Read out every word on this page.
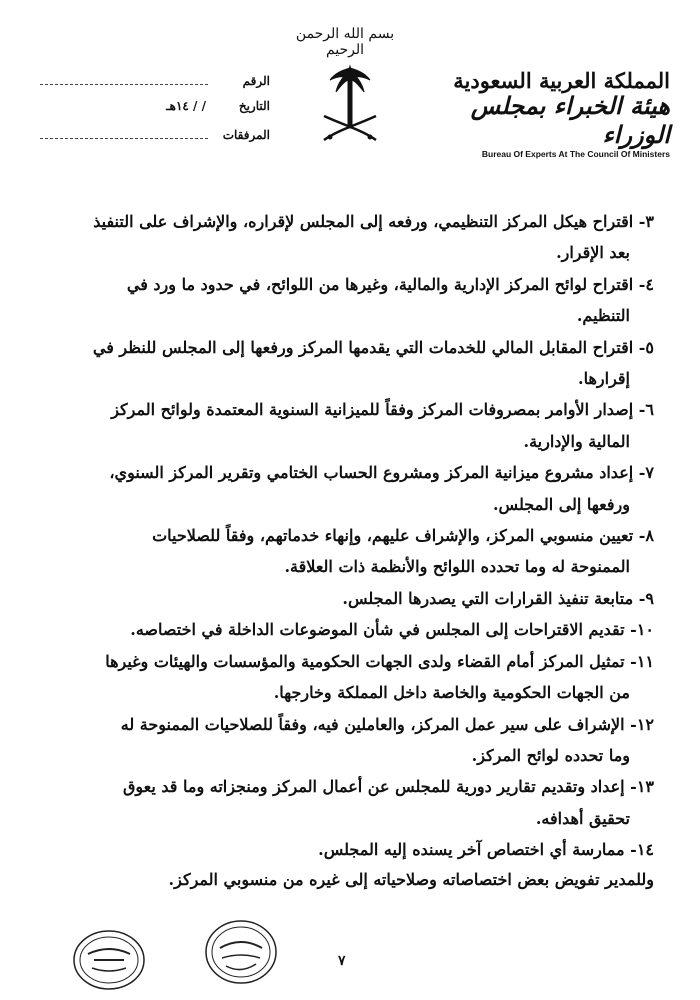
بسم الله الرحمن الرحيم
المملكة العربية السعودية
هيئة الخبراء بمجلس الوزراء
Bureau Of Experts At The Council Of Ministers
الرقم
التاريخ
/ / ١٤هـ
المرفقات
٣- اقتراح هيكل المركز التنظيمي، ورفعه إلى المجلس لإقراره، والإشراف على التنفيذ
بعد الإقرار.
٤- اقتراح لوائح المركز الإدارية والمالية، وغيرها من اللوائح، في حدود ما ورد في
التنظيم.
٥- اقتراح المقابل المالي للخدمات التي يقدمها المركز ورفعها إلى المجلس للنظر في
إقرارها.
٦- إصدار الأوامر بمصروفات المركز وفقاً للميزانية السنوية المعتمدة ولوائح المركز
المالية والإدارية.
٧- إعداد مشروع ميزانية المركز ومشروع الحساب الختامي وتقرير المركز السنوي،
ورفعها إلى المجلس.
٨- تعيين منسوبي المركز، والإشراف عليهم، وإنهاء خدماتهم، وفقاً للصلاحيات
الممنوحة له وما تحدده اللوائح والأنظمة ذات العلاقة.
٩- متابعة تنفيذ القرارات التي يصدرها المجلس.
١٠- تقديم الاقتراحات إلى المجلس في شأن الموضوعات الداخلة في اختصاصه.
١١- تمثيل المركز أمام القضاء ولدى الجهات الحكومية والمؤسسات والهيئات وغيرها
من الجهات الحكومية والخاصة داخل المملكة وخارجها.
١٢- الإشراف على سير عمل المركز، والعاملين فيه، وفقاً للصلاحيات الممنوحة له
وما تحدده لوائح المركز.
١٣- إعداد وتقديم تقارير دورية للمجلس عن أعمال المركز ومنجزاته وما قد يعوق
تحقيق أهدافه.
١٤- ممارسة أي اختصاص آخر يسنده إليه المجلس.
وللمدير تفويض بعض اختصاصاته وصلاحياته إلى غيره من منسوبي المركز.
٧
